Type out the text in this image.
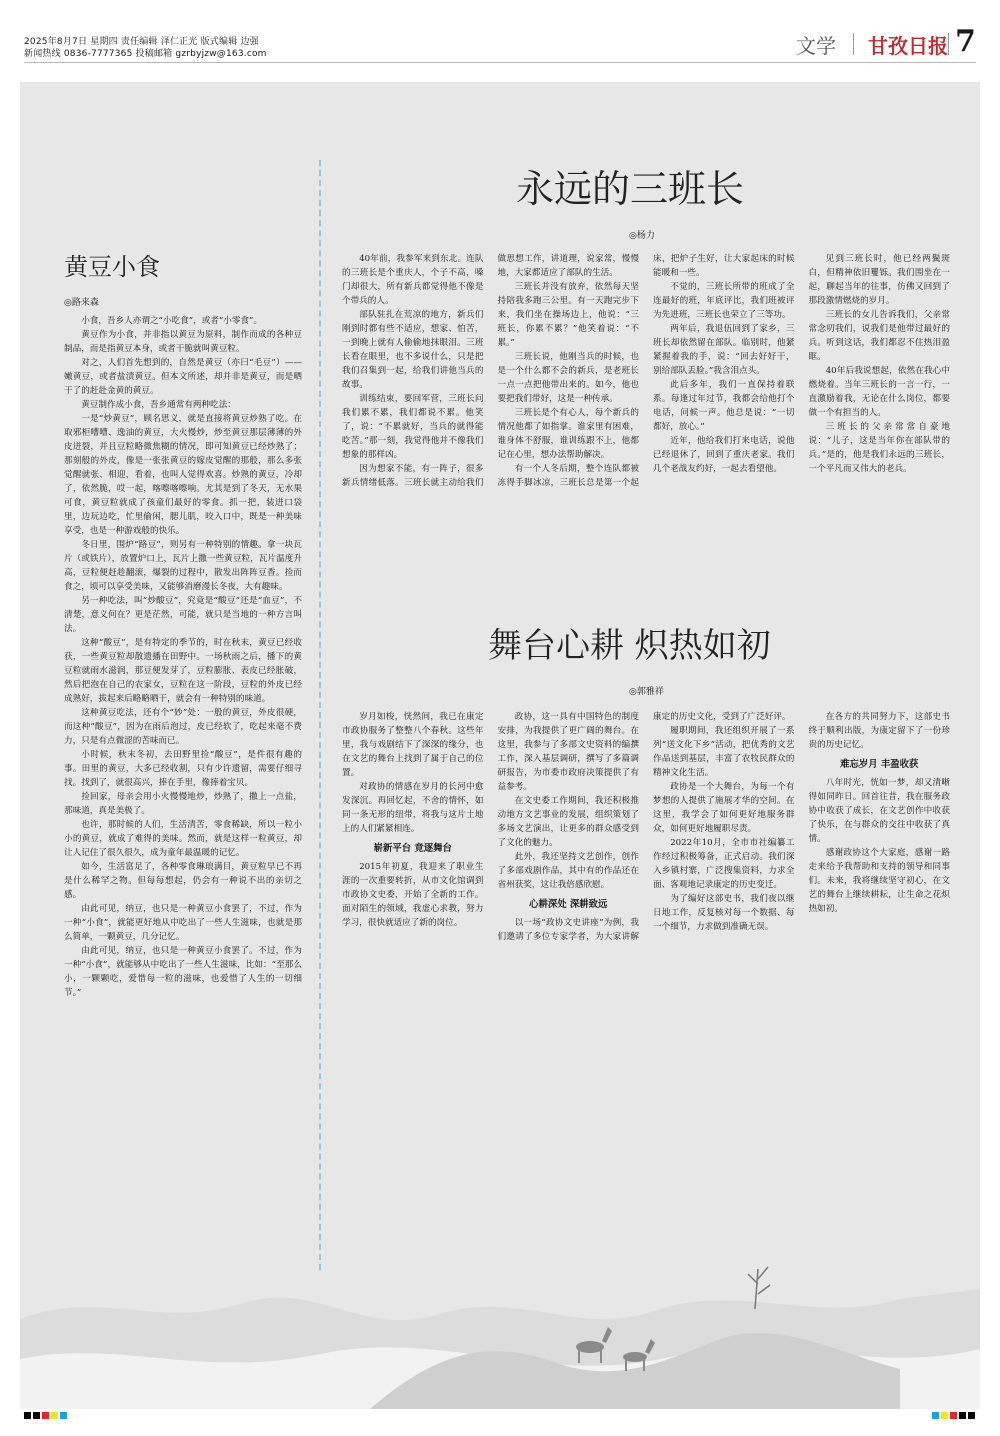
2025年8月7日 星期四 责任编辑 泽仁正光 版式编辑 边强
新闻热线 0836-7777365 投稿邮箱 gzrbyjzw@163.com	文学 甘孜日报 7
黄豆小食
◎路来森

小食，吾乡人亦谓之“小吃食”，或者“小零食”。

黄豆作为小食，并非指以黄豆为原料，制作而成的各种豆制品，而是指黄豆本身，或者干脆就叫黄豆粒。

对之，人们首先想到的，自然是黄豆（亦曰“毛豆”）——嫩黄豆，或者盐渍黄豆。但本文所述，却并非是黄豆，而是晒干了的赶赴金黄的黄豆。

黄豆制作成小食，吾乡通常有两种吃法：

一是“炒黄豆”，顾名思义，就是直接将黄豆炒熟了吃。在取邪柜嘈嘈、逸油的黄豆，大火慢炒，炒至黄豆那层薄薄的外皮迸裂，并且豆粒略微焦糊的情况，即可知黄豆已经炒熟了；那刻般的外皮，像是一张张黄豆的嫁皮觉醒的那般，那么多张觉醒就张、相迎，看着，也叫人觉得欢喜。炒熟的黄豆，冷却了，依然脆，哎一起，喀嚓喀嚓响。尤其是到了冬天，无水果可食，黄豆粒就成了孩童们最好的零食。抓一把，装进口袋里，边玩边吃，忙里偷闲，腮儿肌，咬入口中，既是一种美味享受，也是一种游戏般的快乐。

冬日里，围炉“路豆”，则另有一种特别的情趣。拿一块瓦片（或铁片），放置炉口上，瓦片上撒一些黄豆粒，瓦片温度升高，豆粒便赶趁翻滚，爆裂的过程中，散发出阵阵豆香。捡而食之，顷可以享受美味，又能够消磨漫长冬夜，大有趣味。

另一种吃法，叫“炒酸豆”，究竟是“酸豆”还是“血豆”，不清楚，意义何在？更是茫然，可能，就只是当地的一种方言叫法。

这种“酸豆”，是有特定的季节的，时在秋末，黄豆已经收获，一些黄豆粒却散遗播在田野中。一场秋雨之后，播下的黄豆粒就雨水滋润，那豆便发芽了，豆粒膨胀、表皮已经胀破，然后把泡在自己的农家女，豆粒在这一阶段，豆粒的外皮已经成熟好，拔起来后略略晒干，就会有一种特别的味道。

这种黄豆吃法，还有个“妙”处：一般的黄豆，外皮很硬，而这种“酸豆”，因为在雨后泡过，皮已经软了，吃起来毫不费力，只是有点微涩的苦味而已。

小时候，秋末冬初，去田野里捡“酸豆”，是件很有趣的事。田里的黄豆，大多已经收割，只有少许遗留，需要仔细寻找。找到了，就很高兴，捧在手里，像捧着宝贝。

捡回家，母亲会用小火慢慢地炒，炒熟了，撒上一点盐，那味道，真是美极了。

也许，那时候的人们，生活清苦，零食稀缺，所以一粒小小的黄豆，就成了难得的美味。然而，就是这样一粒黄豆，却让人记住了很久很久，成为童年最温暖的记忆。

如今，生活富足了，各种零食琳琅满目，黄豆粒早已不再是什么稀罕之物。但每每想起，仍会有一种说不出的亲切之感。

由此可见，纳豆，也只是一种黄豆小食罢了，不过，作为一种“小食”，就能更好地从中吃出了一些人生滋味，也就是那么简单，一颗黄豆，几分记忆。

由此可见，纳豆，也只是一种黄豆小食罢了。不过，作为一种“小食”，就能够从中吃出了一些人生滋味，比如：“至那么小，一颗颗吃，爱惜每一粒的滋味，也爱惜了人生的一切细节。”

永远的三班长
◎杨力

40年前，我参军来到东北。连队的三班长是个重庆人，个子不高，嗓门却很大，所有新兵都觉得他不像是个带兵的人。

部队驻扎在荒凉的地方，新兵们刚到时都有些不适应，想家、怕苦，一到晚上就有人偷偷地抹眼泪。三班长看在眼里，也不多说什么，只是把我们召集到一起，给我们讲他当兵的故事。

训练结束，要回军营，三班长问我们累不累，我们都说不累。他笑了，说：“不累就好，当兵的就得能吃苦。”那一刻，我觉得他并不像我们想象的那样凶。

因为想家不能，有一阵子，很多新兵情绪低落。三班长就主动给我们做思想工作，讲道理，说家常，慢慢地，大家都适应了部队的生活。

三班长并没有放弃，依然每天坚持陪我多跑三公里。有一天跑完步下来，我们坐在操场边上，他说：“三班长，你累不累？”他笑着说：“不累。”

三班长说，他刚当兵的时候，也是一个什么都不会的新兵，是老班长一点一点把他带出来的。如今，他也要把我们带好，这是一种传承。

三班长是个有心人，每个新兵的情况他都了如指掌。谁家里有困难，谁身体不舒服，谁训练跟不上，他都记在心里，想办法帮助解决。

有一个人冬后期，整个连队都被冻得手脚冰凉，三班长总是第一个起床，把炉子生好，让大家起床的时候能暖和一些。

不觉的，三班长所带的班成了全连最好的班，年底评比，我们班被评为先进班，三班长也荣立了三等功。

两年后，我退伍回到了家乡，三班长却依然留在部队。临别时，他紧紧握着我的手，说：“回去好好干，别给部队丢脸。”我含泪点头。

此后多年，我们一直保持着联系。每逢过年过节，我都会给他打个电话，问候一声。他总是说：“一切都好，放心。”

近年，他给我们打来电话，说他已经退休了，回到了重庆老家。我们几个老战友约好，一起去看望他。

见到三班长时，他已经两鬓斑白，但精神依旧矍铄。我们围坐在一起，聊起当年的往事，仿佛又回到了那段激情燃烧的岁月。

三班长的女儿告诉我们，父亲常常念叨我们，说我们是他带过最好的兵。听到这话，我们都忍不住热泪盈眶。

40年后我说想起，依然在我心中燃烧着。当年三班长的一言一行，一直激励着我，无论在什么岗位，都要做一个有担当的人。

三班长的父亲常常自豪地说：“儿子，这是当年你在部队带的兵。”是的，他是我们永远的三班长，一个平凡而又伟大的老兵。

舞台心耕 炽热如初
◎郭雅祥

岁月如梭，恍然间，我已在康定市政协服务了整整八个春秋。这些年里，我与戏剧结下了深深的缘分，也在文艺的舞台上找到了属于自己的位置。

对政协的情感在岁月的长河中愈发深沉。再回忆起，不舍的情怀，如同一条无形的纽带，将我与这片土地上的人们紧紧相连。

崭新平台 竞逐舞台

2015年初夏，我迎来了职业生涯的一次重要转折，从市文化馆调到市政协文史委，开始了全新的工作。面对陌生的领域，我虚心求教，努力学习，很快就适应了新的岗位。

政协，这一具有中国特色的制度安排，为我提供了更广阔的舞台。在这里，我参与了多部文史资料的编撰工作，深入基层调研，撰写了多篇调研报告，为市委市政府决策提供了有益参考。

在文史委工作期间，我还积极推动地方文艺事业的发展，组织策划了多场文艺演出，让更多的群众感受到了文化的魅力。

此外，我还坚持文艺创作，创作了多部戏剧作品，其中有的作品还在省州获奖，这让我倍感欣慰。

心耕深处 深耕致远

以一场“政协文史讲座”为例，我们邀请了多位专家学者，为大家讲解康定的历史文化，受到了广泛好评。

履职期间，我还组织开展了一系列“送文化下乡”活动，把优秀的文艺作品送到基层，丰富了农牧民群众的精神文化生活。

政协是一个大舞台，为每一个有梦想的人提供了施展才华的空间。在这里，我学会了如何更好地服务群众，如何更好地履职尽责。

2022年10月，全市市社编纂工作经过积极筹备，正式启动。我们深入乡镇村寨，广泛搜集资料，力求全面、客观地记录康定的历史变迁。

为了编好这部史书，我们夜以继日地工作，反复核对每一个数据、每一个细节，力求做到准确无误。

在各方的共同努力下，这部史书终于顺利出版，为康定留下了一份珍贵的历史记忆。

难忘岁月 丰盈收获

八年时光，恍如一梦，却又清晰得如同昨日。回首往昔，我在服务政协中收获了成长，在文艺创作中收获了快乐，在与群众的交往中收获了真情。

感谢政协这个大家庭，感谢一路走来给予我帮助和支持的领导和同事们。未来，我将继续坚守初心，在文艺的舞台上继续耕耘，让生命之花炽热如初。
